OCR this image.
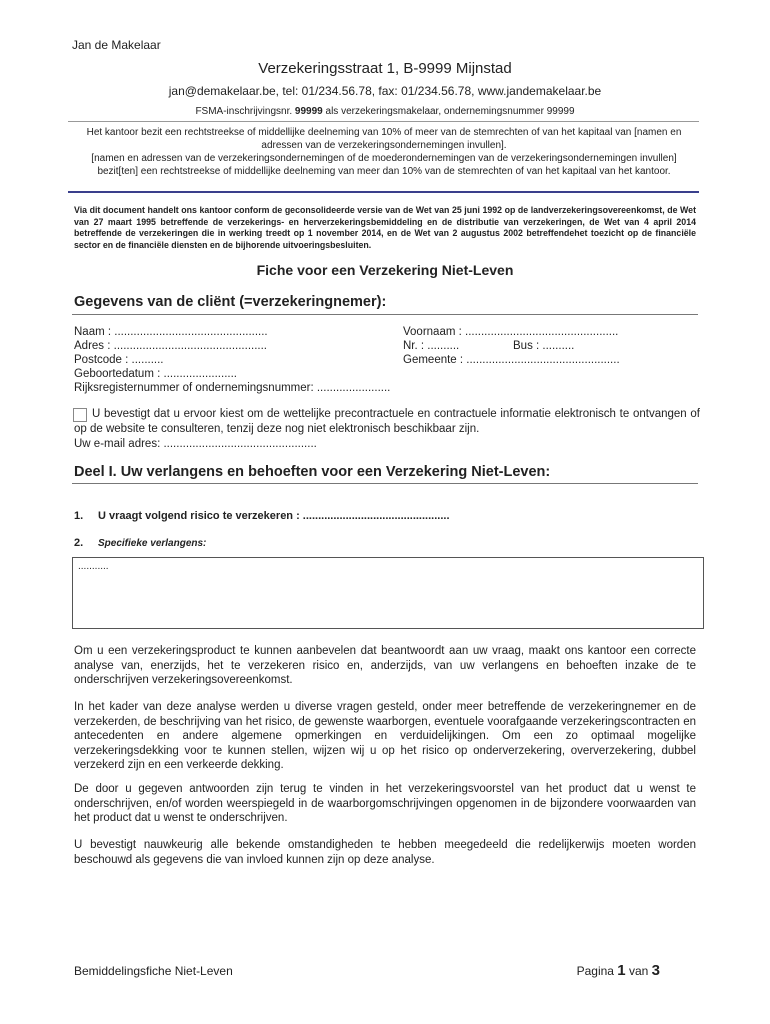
Jan de Makelaar
Verzekeringsstraat 1, B-9999 Mijnstad
jan@demakelaar.be, tel: 01/234.56.78, fax: 01/234.56.78, www.jandemakelaar.be
FSMA-inschrijvingsnr. 99999 als verzekeringsmakelaar, ondernemingsnummer 99999
Het kantoor bezit een rechtstreekse of middellijke deelneming van 10% of meer van de stemrechten of van het kapitaal van [namen en adressen van de verzekeringsondernemingen invullen].
[namen en adressen van de verzekeringsondernemingen of de moederondernemingen van de verzekeringsondernemingen invullen] bezit[ten] een rechtstreekse of middellijke deelneming van meer dan 10% van de stemrechten of van het kapitaal van het kantoor.
Via dit document handelt ons kantoor conform de geconsolideerde versie van de Wet van 25 juni 1992 op de landverzekeringsovereenkomst, de Wet van 27 maart 1995 betreffende de verzekerings- en herverzekeringsbemiddeling en de distributie van verzekeringen, de Wet van 4 april 2014 betreffende de verzekeringen die in werking treedt op 1 november 2014, en de Wet van 2 augustus 2002 betreffendehet toezicht op de financiële sector en de financiële diensten en de bijhorende uitvoeringsbesluiten.
Fiche voor een Verzekering Niet-Leven
Gegevens van de cliënt (=verzekeringnemer):
Naam : ................................................	Voornaam : ................................................
Adres : ................................................	Nr. : ..........	Bus : ..........
Postcode : ..........	Gemeente : ................................................
Geboortedatum : .......................
Rijksregisternummer of ondernemingsnummer: .......................
U bevestigt dat u ervoor kiest om de wettelijke precontractuele en contractuele informatie elektronisch te ontvangen of op de website te consulteren, tenzij deze nog niet elektronisch beschikbaar zijn.
Uw e-mail adres: ................................................
Deel I. Uw verlangens en behoeften voor een Verzekering Niet-Leven:
1. U vraagt volgend risico te verzekeren : ................................................
2. Specifieke verlangens:
...........
Om u een verzekeringsproduct te kunnen aanbevelen dat beantwoordt aan uw vraag, maakt ons kantoor een correcte analyse van, enerzijds, het te verzekeren risico en, anderzijds, van uw verlangens en behoeften inzake de te onderschrijven verzekeringsovereenkomst.
In het kader van deze analyse werden u diverse vragen gesteld, onder meer betreffende de verzekeringnemer en de verzekerden, de beschrijving van het risico, de gewenste waarborgen, eventuele voorafgaande verzekeringscontracten en antecedenten en andere algemene opmerkingen en verduidelijkingen. Om een zo optimaal mogelijke verzekeringsdekking voor te kunnen stellen, wijzen wij u op het risico op onderverzekering, oververzekering, dubbel verzekerd zijn en een verkeerde dekking.
De door u gegeven antwoorden zijn terug te vinden in het verzekeringsvoorstel van het product dat u wenst te onderschrijven, en/of worden weerspiegeld in de waarborgomschrijvingen opgenomen in de bijzondere voorwaarden van het product dat u wenst te onderschrijven.
U bevestigt nauwkeurig alle bekende omstandigheden te hebben meegedeeld die redelijkerwijs moeten worden beschouwd als gegevens die van invloed kunnen zijn op deze analyse.
Bemiddelingsfiche Niet-Leven	Pagina 1 van 3
